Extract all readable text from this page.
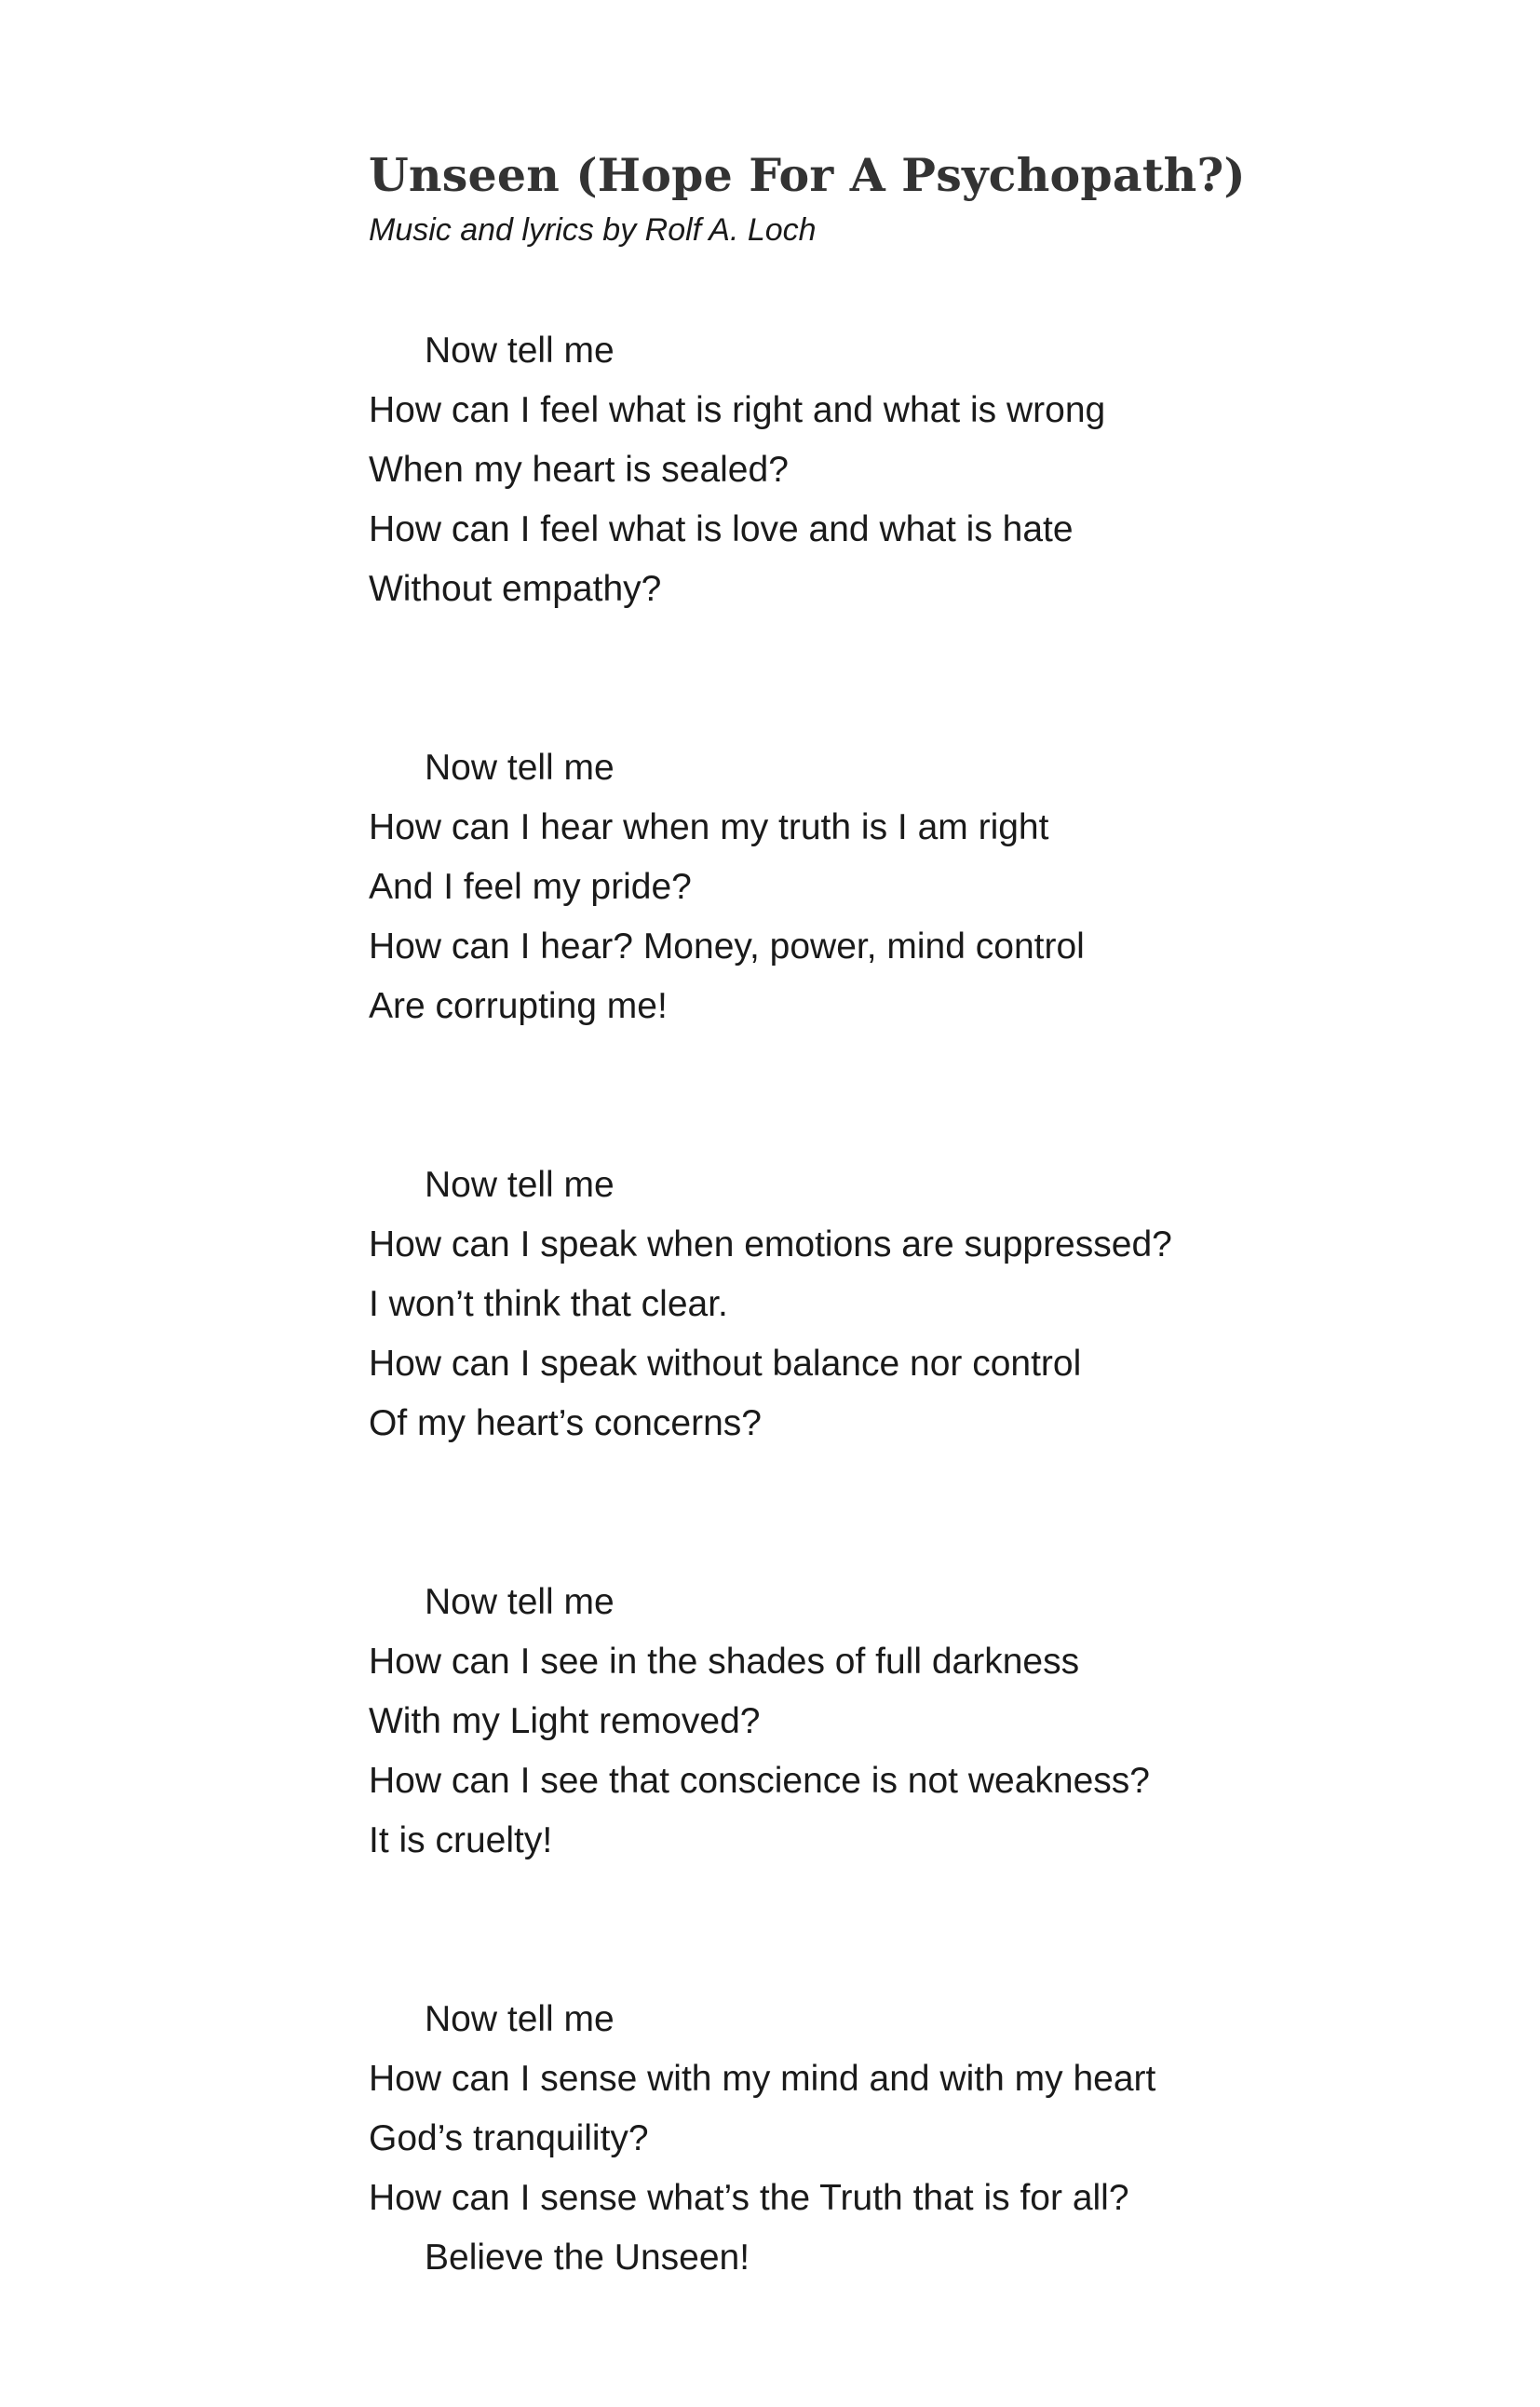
Unseen (Hope For A Psychopath?)

Music and lyrics by Rolf A. Loch

Now tell me
How can I feel what is right and what is wrong
When my heart is sealed?
How can I feel what is love and what is hate
Without empathy?
Now tell me
How can I hear when my truth is I am right
And I feel my pride?
How can I hear? Money, power, mind control
Are corrupting me!
Now tell me
How can I speak when emotions are suppressed?
I won’t think that clear.
How can I speak without balance nor control
Of my heart’s concerns?
Now tell me
How can I see in the shades of full darkness
With my Light removed?
How can I see that conscience is not weakness?
It is cruelty!
Now tell me
How can I sense with my mind and with my heart
God’s tranquility?
How can I sense what’s the Truth that is for all?
Believe the Unseen!
